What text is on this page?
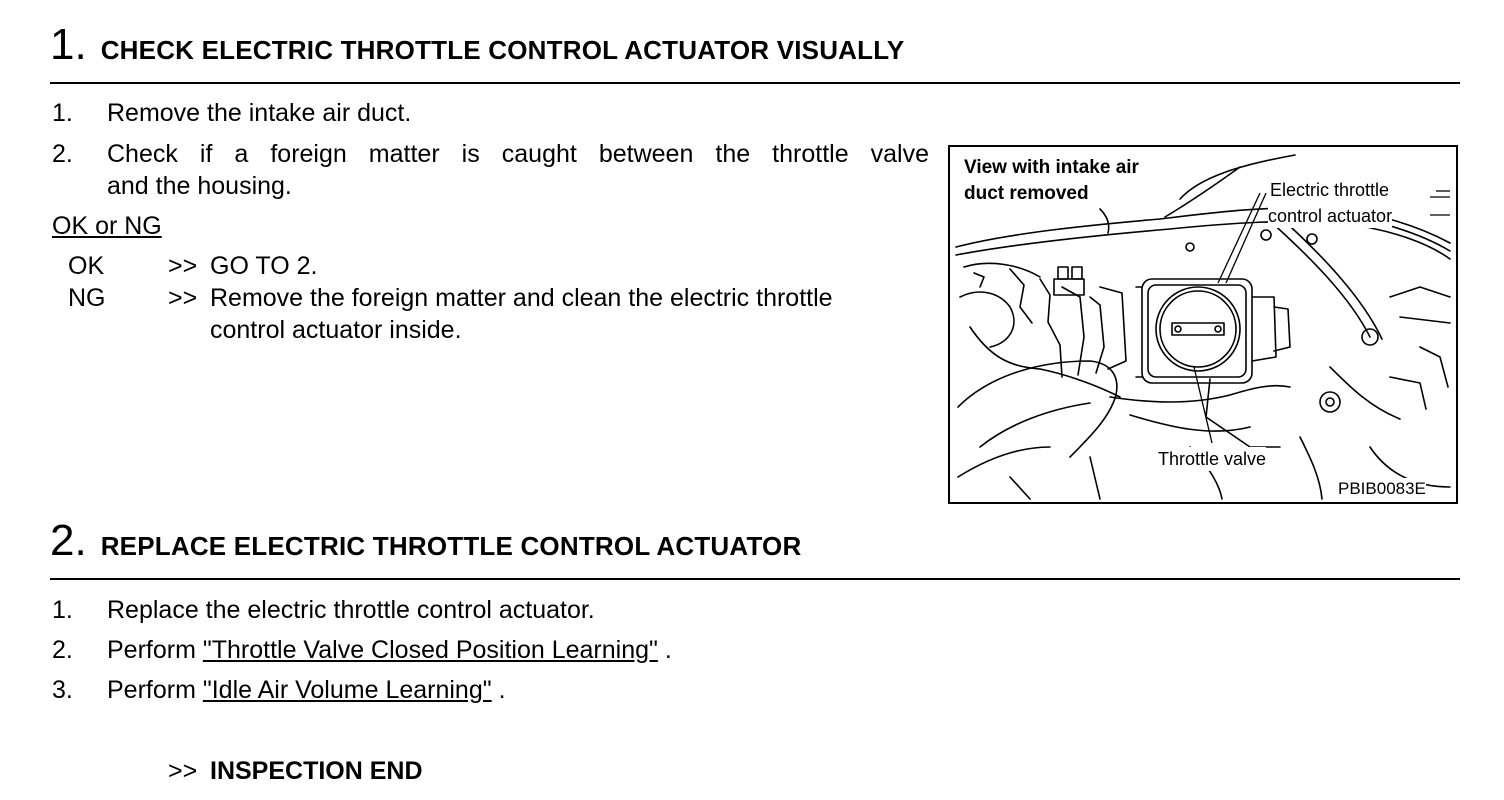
1. CHECK ELECTRIC THROTTLE CONTROL ACTUATOR VISUALLY
1. Remove the intake air duct.
2. Check if a foreign matter is caught between the throttle valve
and the housing.
OK or NG
OK	>> GO TO 2.
NG	>> Remove the foreign matter and clean the electric throttle
control actuator inside.
View with intake air
duct removed	Electric throttle
control actuator
Throttle valve
PBIB0083E
2. REPLACE ELECTRIC THROTTLE CONTROL ACTUATOR
1. Replace the electric throttle control actuator.
2. Perform "Throttle Valve Closed Position Learning" .
3. Perform "Idle Air Volume Learning" .
>> INSPECTION END
